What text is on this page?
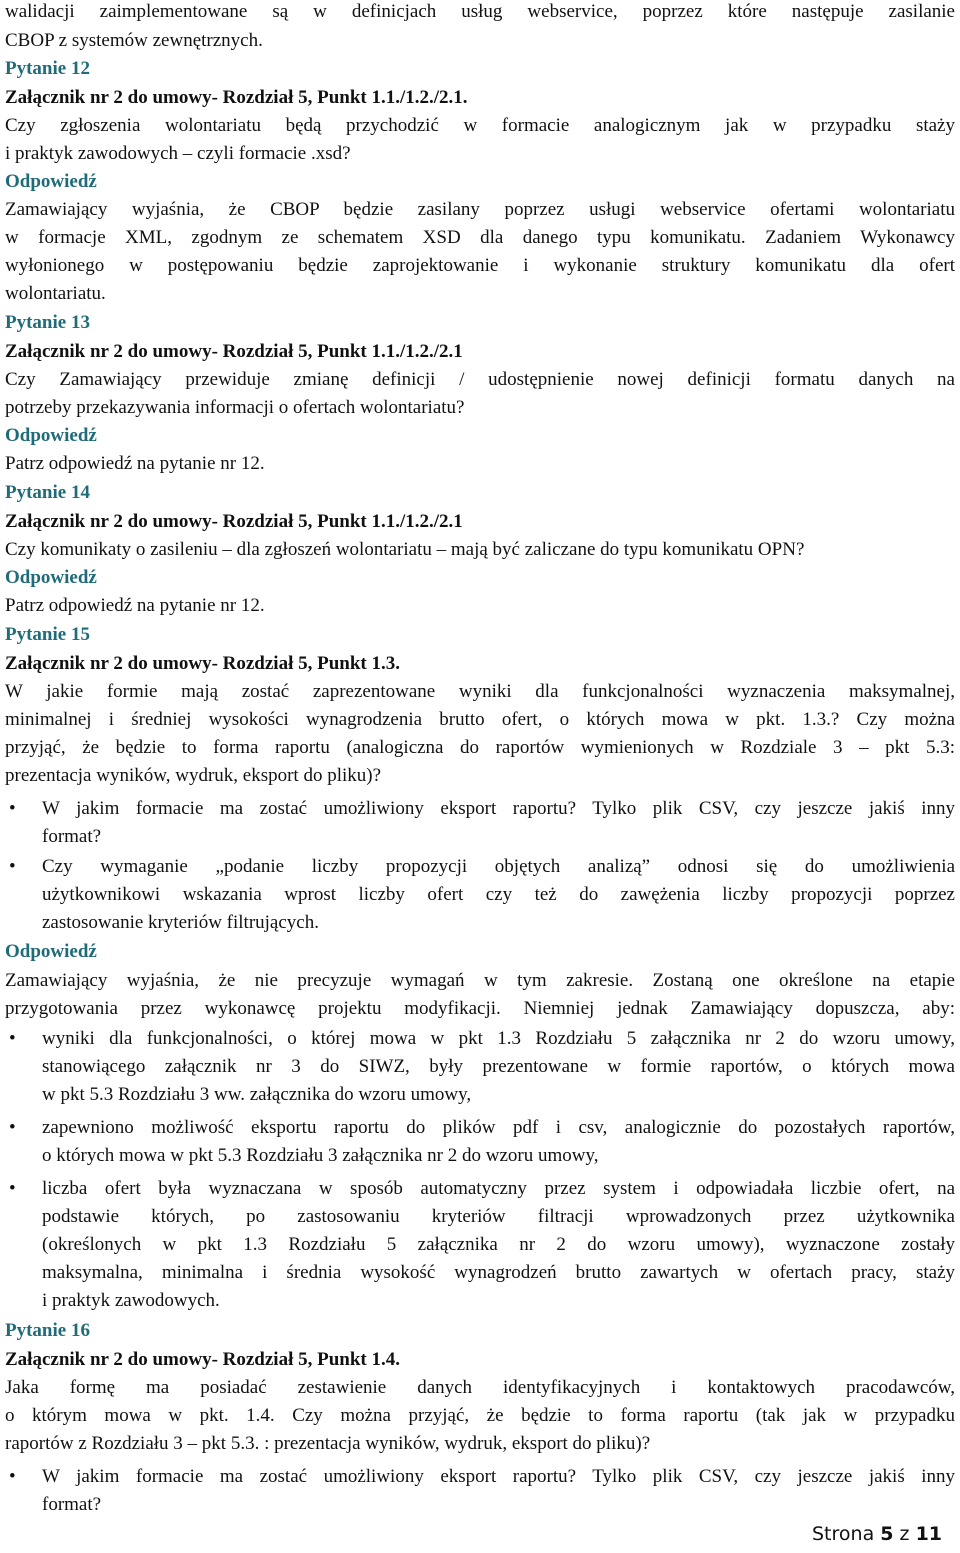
walidacji zaimplementowane są w definicjach usług webservice, poprzez które następuje zasilanie
CBOP z systemów zewnętrznych.
Pytanie 12
Załącznik nr 2 do umowy- Rozdział 5, Punkt 1.1./1.2./2.1.
Czy zgłoszenia wolontariatu będą przychodzić w formacie analogicznym jak w przypadku staży
i praktyk zawodowych – czyli formacie .xsd?
Odpowiedź
Zamawiający wyjaśnia, że CBOP będzie zasilany poprzez usługi webservice ofertami wolontariatu
w formacje XML, zgodnym ze schematem XSD dla danego typu komunikatu. Zadaniem Wykonawcy
wyłonionego w postępowaniu będzie zaprojektowanie i wykonanie struktury komunikatu dla ofert
wolontariatu.
Pytanie 13
Załącznik nr 2 do umowy- Rozdział 5, Punkt 1.1./1.2./2.1
Czy Zamawiający przewiduje zmianę definicji / udostępnienie nowej definicji formatu danych na
potrzeby przekazywania informacji o ofertach wolontariatu?
Odpowiedź
Patrz odpowiedź na pytanie nr 12.
Pytanie 14
Załącznik nr 2 do umowy- Rozdział 5, Punkt 1.1./1.2./2.1
Czy komunikaty o zasileniu – dla zgłoszeń wolontariatu – mają być zaliczane do typu komunikatu OPN?
Odpowiedź
Patrz odpowiedź na pytanie nr 12.
Pytanie 15
Załącznik nr 2 do umowy- Rozdział 5, Punkt 1.3.
W jakie formie mają zostać zaprezentowane wyniki dla funkcjonalności wyznaczenia maksymalnej,
minimalnej i średniej wysokości wynagrodzenia brutto ofert, o których mowa w pkt. 1.3.? Czy można
przyjąć, że będzie to forma raportu (analogiczna do raportów wymienionych w Rozdziale 3 – pkt 5.3:
prezentacja wyników, wydruk, eksport do pliku)?
• W jakim formacie ma zostać umożliwiony eksport raportu? Tylko plik CSV, czy jeszcze jakiś inny
format?
• Czy wymaganie „podanie liczby propozycji objętych analizą” odnosi się do umożliwienia
użytkownikowi wskazania wprost liczby ofert czy też do zawężenia liczby propozycji poprzez
zastosowanie kryteriów filtrujących.
Odpowiedź
Zamawiający wyjaśnia, że nie precyzuje wymagań w tym zakresie. Zostaną one określone na etapie
przygotowania przez wykonawcę projektu modyfikacji. Niemniej jednak Zamawiający dopuszcza, aby:
• wyniki dla funkcjonalności, o której mowa w pkt 1.3 Rozdziału 5 załącznika nr 2 do wzoru umowy,
stanowiącego załącznik nr 3 do SIWZ, były prezentowane w formie raportów, o których mowa
w pkt 5.3 Rozdziału 3 ww. załącznika do wzoru umowy,
• zapewniono możliwość eksportu raportu do plików pdf i csv, analogicznie do pozostałych raportów,
o których mowa w pkt 5.3 Rozdziału 3 załącznika nr 2 do wzoru umowy,
• liczba ofert była wyznaczana w sposób automatyczny przez system i odpowiadała liczbie ofert, na
podstawie których, po zastosowaniu kryteriów filtracji wprowadzonych przez użytkownika
(określonych w pkt 1.3 Rozdziału 5 załącznika nr 2 do wzoru umowy), wyznaczone zostały
maksymalna, minimalna i średnia wysokość wynagrodzeń brutto zawartych w ofertach pracy, staży
i praktyk zawodowych.
Pytanie 16
Załącznik nr 2 do umowy- Rozdział 5, Punkt 1.4.
Jaka formę ma posiadać zestawienie danych identyfikacyjnych i kontaktowych pracodawców,
o którym mowa w pkt. 1.4. Czy można przyjąć, że będzie to forma raportu (tak jak w przypadku
raportów z Rozdziału 3 – pkt 5.3. : prezentacja wyników, wydruk, eksport do pliku)?
• W jakim formacie ma zostać umożliwiony eksport raportu? Tylko plik CSV, czy jeszcze jakiś inny
format?
Strona 5 z 11
